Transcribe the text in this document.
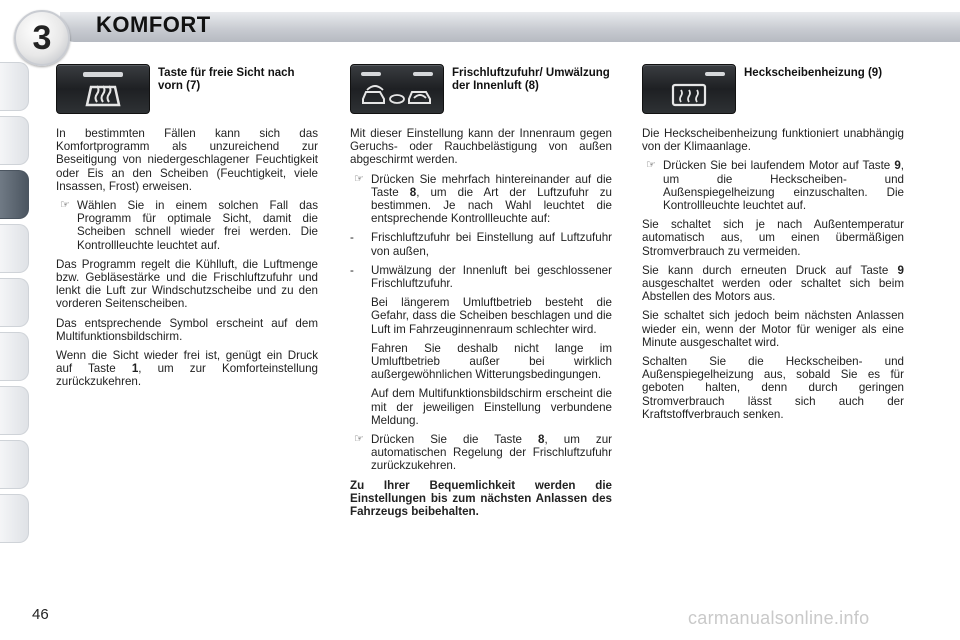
3	KOMFORT
Taste für freie Sicht nach vorn (7)

In bestimmten Fällen kann sich das Komfortprogramm als unzureichend zur Beseitigung von niedergeschlagener Feuchtigkeit oder Eis an den Scheiben (Feuchtigkeit, viele Insassen, Frost) erweisen.

☞ Wählen Sie in einem solchen Fall das Programm für optimale Sicht, damit die Scheiben schnell wieder frei werden. Die Kontrollleuchte leuchtet auf.

Das Programm regelt die Kühlluft, die Luftmenge bzw. Gebläsestärke und die Frischluftzufuhr und lenkt die Luft zur Windschutzscheibe und zu den vorderen Seitenscheiben.

Das entsprechende Symbol erscheint auf dem Multifunktionsbildschirm.

Wenn die Sicht wieder frei ist, genügt ein Druck auf Taste 1, um zur Komforteinstellung zurückzukehren.

Frischluftzufuhr/ Umwälzung der Innenluft (8)

Mit dieser Einstellung kann der Innenraum gegen Geruchs- oder Rauchbelästigung von außen abgeschirmt werden.

☞ Drücken Sie mehrfach hintereinander auf die Taste 8, um die Art der Luftzufuhr zu bestimmen. Je nach Wahl leuchtet die entsprechende Kontrollleuchte auf:
- Frischluftzufuhr bei Einstellung auf Luftzufuhr von außen,
- Umwälzung der Innenluft bei geschlossener Frischluftzufuhr.

Bei längerem Umluftbetrieb besteht die Gefahr, dass die Scheiben beschlagen und die Luft im Fahrzeuginnenraum schlechter wird.

Fahren Sie deshalb nicht lange im Umluftbetrieb außer bei wirklich außergewöhnlichen Witterungsbedingungen.

Auf dem Multifunktionsbildschirm erscheint die mit der jeweiligen Einstellung verbundene Meldung.

☞ Drücken Sie die Taste 8, um zur automatischen Regelung der Frischluftzufuhr zurückzukehren.

Zu Ihrer Bequemlichkeit werden die Einstellungen bis zum nächsten Anlassen des Fahrzeugs beibehalten.

Heckscheibenheizung (9)

Die Heckscheibenheizung funktioniert unabhängig von der Klimaanlage.

☞ Drücken Sie bei laufendem Motor auf Taste 9, um die Heckscheiben- und Außenspiegelheizung einzuschalten. Die Kontrollleuchte leuchtet auf.

Sie schaltet sich je nach Außentemperatur automatisch aus, um einen übermäßigen Stromverbrauch zu vermeiden.

Sie kann durch erneuten Druck auf Taste 9 ausgeschaltet werden oder schaltet sich beim Abstellen des Motors aus.

Sie schaltet sich jedoch beim nächsten Anlassen wieder ein, wenn der Motor für weniger als eine Minute ausgeschaltet wird.

Schalten Sie die Heckscheiben- und Außenspiegelheizung aus, sobald Sie es für geboten halten, denn durch geringen Stromverbrauch lässt sich auch der Kraftstoffverbrauch senken.

46	carmanualsonline.info
